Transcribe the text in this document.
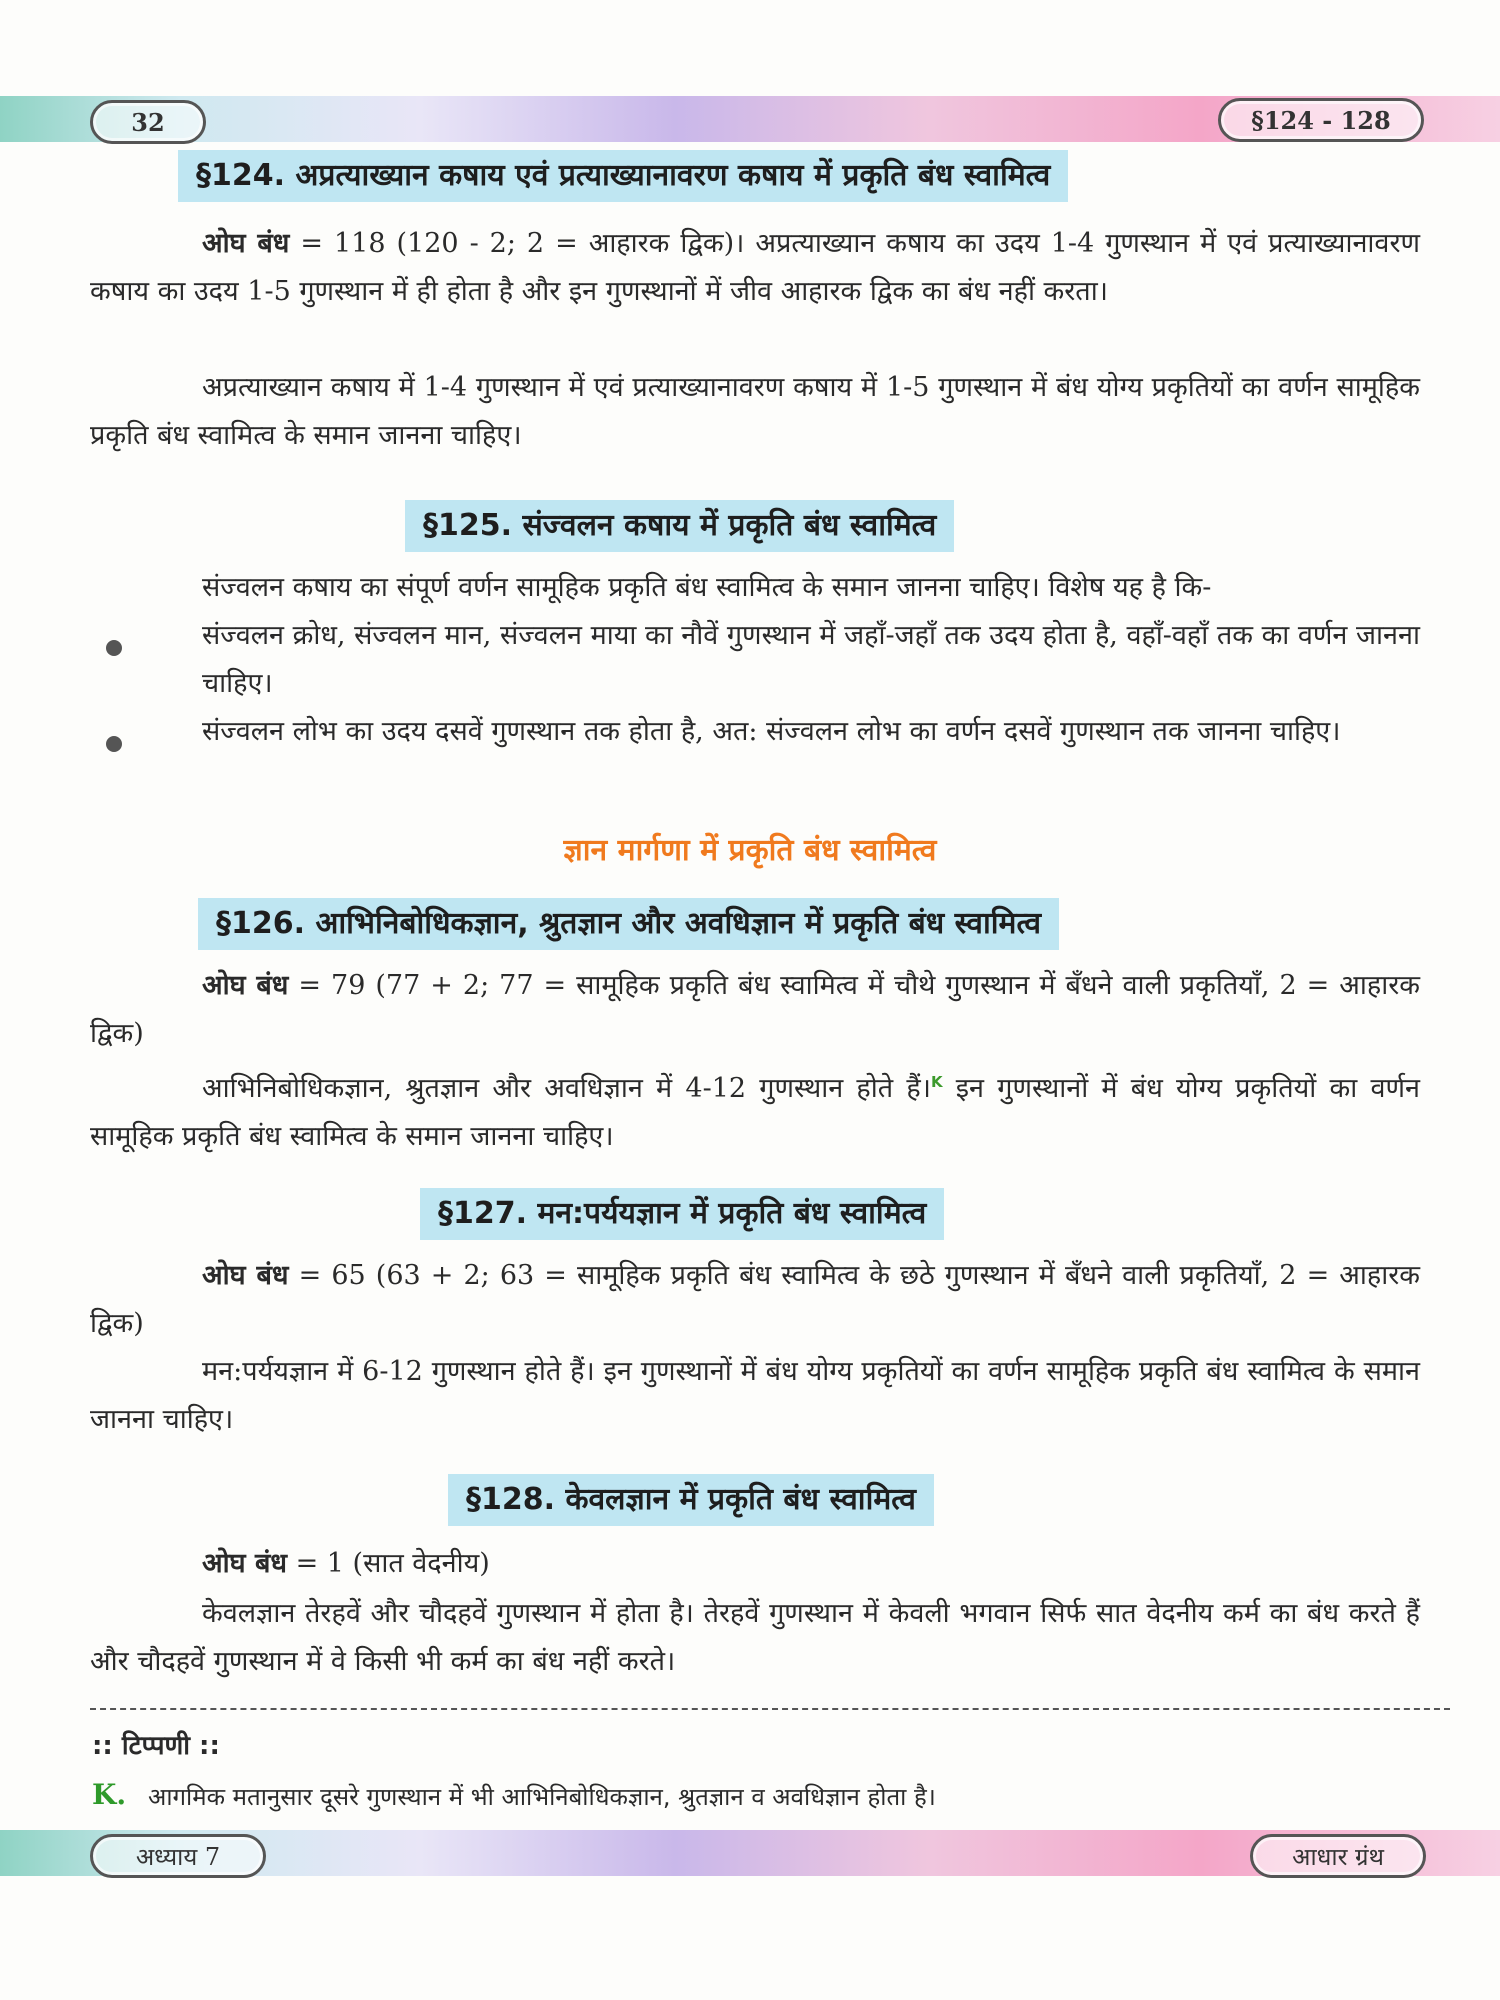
32	§124 - 128
§124. अप्रत्याख्यान कषाय एवं प्रत्याख्यानावरण कषाय में प्रकृति बंध स्वामित्व
ओघ बंध = 118 (120 - 2; 2 = आहारक द्विक)। अप्रत्याख्यान कषाय का उदय 1-4 गुणस्थान में एवं प्रत्याख्यानावरण कषाय का उदय 1-5 गुणस्थान में ही होता है और इन गुणस्थानों में जीव आहारक द्विक का बंध नहीं करता।
अप्रत्याख्यान कषाय में 1-4 गुणस्थान में एवं प्रत्याख्यानावरण कषाय में 1-5 गुणस्थान में बंध योग्य प्रकृतियों का वर्णन सामूहिक प्रकृति बंध स्वामित्व के समान जानना चाहिए।
§125. संज्वलन कषाय में प्रकृति बंध स्वामित्व
संज्वलन कषाय का संपूर्ण वर्णन सामूहिक प्रकृति बंध स्वामित्व के समान जानना चाहिए। विशेष यह है कि-
संज्वलन क्रोध, संज्वलन मान, संज्वलन माया का नौवें गुणस्थान में जहाँ-जहाँ तक उदय होता है, वहाँ-वहाँ तक का वर्णन जानना चाहिए।
संज्वलन लोभ का उदय दसवें गुणस्थान तक होता है, अत: संज्वलन लोभ का वर्णन दसवें गुणस्थान तक जानना चाहिए।
ज्ञान मार्गणा में प्रकृति बंध स्वामित्व
§126. आभिनिबोधिकज्ञान, श्रुतज्ञान और अवधिज्ञान में प्रकृति बंध स्वामित्व
ओघ बंध = 79 (77 + 2; 77 = सामूहिक प्रकृति बंध स्वामित्व में चौथे गुणस्थान में बँधने वाली प्रकृतियाँ, 2 = आहारक द्विक)
आभिनिबोधिकज्ञान, श्रुतज्ञान और अवधिज्ञान में 4-12 गुणस्थान होते हैं।$^K$ इन गुणस्थानों में बंध योग्य प्रकृतियों का वर्णन सामूहिक प्रकृति बंध स्वामित्व के समान जानना चाहिए।
§127. मन:पर्ययज्ञान में प्रकृति बंध स्वामित्व
ओघ बंध = 65 (63 + 2; 63 = सामूहिक प्रकृति बंध स्वामित्व के छठे गुणस्थान में बँधने वाली प्रकृतियाँ, 2 = आहारक द्विक)
मन:पर्ययज्ञान में 6-12 गुणस्थान होते हैं। इन गुणस्थानों में बंध योग्य प्रकृतियों का वर्णन सामूहिक प्रकृति बंध स्वामित्व के समान जानना चाहिए।
§128. केवलज्ञान में प्रकृति बंध स्वामित्व
ओघ बंध = 1 (सात वेदनीय)
केवलज्ञान तेरहवें और चौदहवें गुणस्थान में होता है। तेरहवें गुणस्थान में केवली भगवान सिर्फ सात वेदनीय कर्म का बंध करते हैं और चौदहवें गुणस्थान में वे किसी भी कर्म का बंध नहीं करते।
:: टिप्पणी ::
K. आगमिक मतानुसार दूसरे गुणस्थान में भी आभिनिबोधिकज्ञान, श्रुतज्ञान व अवधिज्ञान होता है।
अध्याय 7	आधार ग्रंथ
